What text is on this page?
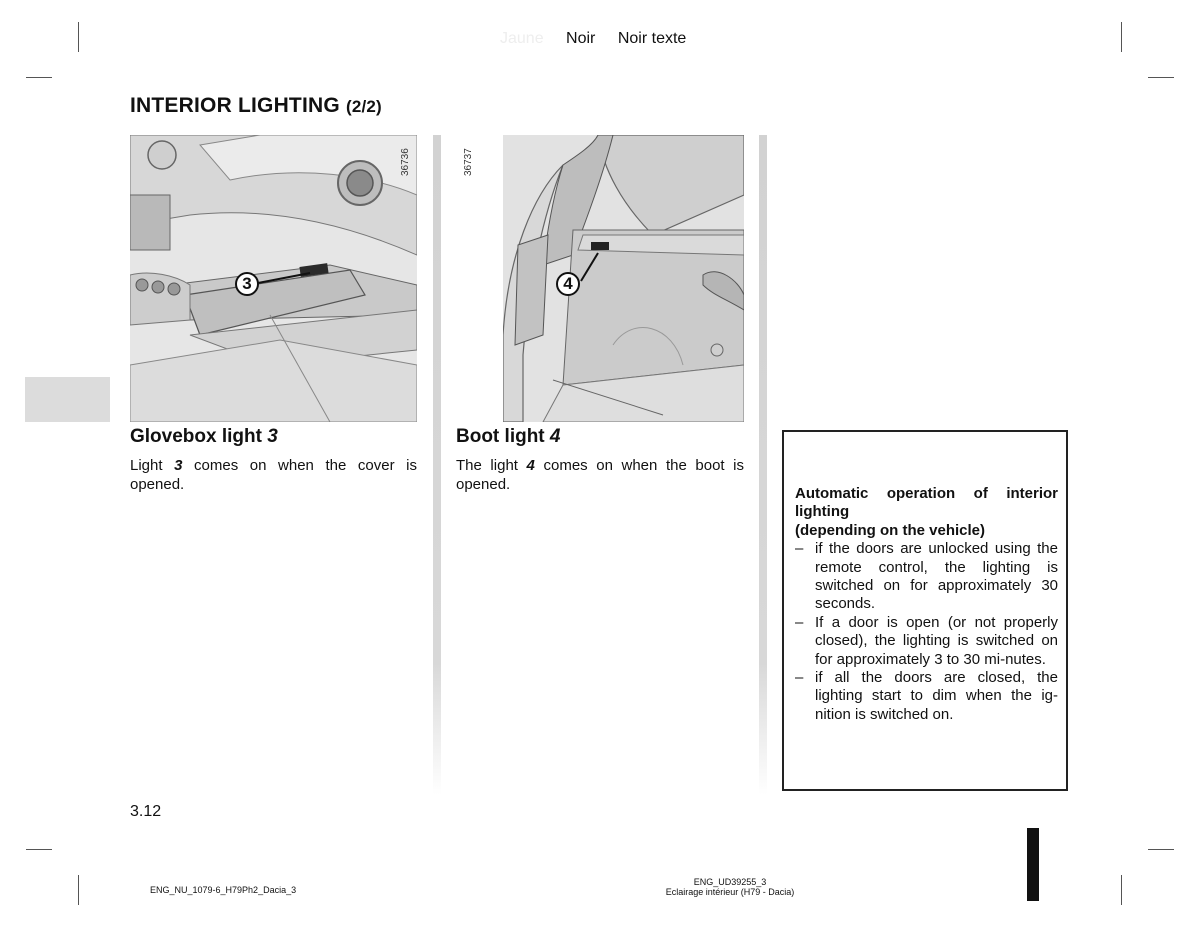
Jaune Noir Noir texte
INTERIOR LIGHTING (2/2)
36736
3
Glovebox light 3
Light 3 comes on when the cover is opened.
36737
4
Boot light 4
The light 4 comes on when the boot is opened.
Automatic operation of interior lighting
(depending on the vehicle)
– if the doors are unlocked using the remote control, the lighting is switched on for approximately 30 seconds.
– If a door is open (or not properly closed), the lighting is switched on for approximately 3 to 30 mi-nutes.
– if all the doors are closed, the lighting start to dim when the ig-nition is switched on.
3.12
ENG_NU_1079-6_H79Ph2_Dacia_3
ENG_UD39255_3
Eclairage intérieur (H79 - Dacia)
